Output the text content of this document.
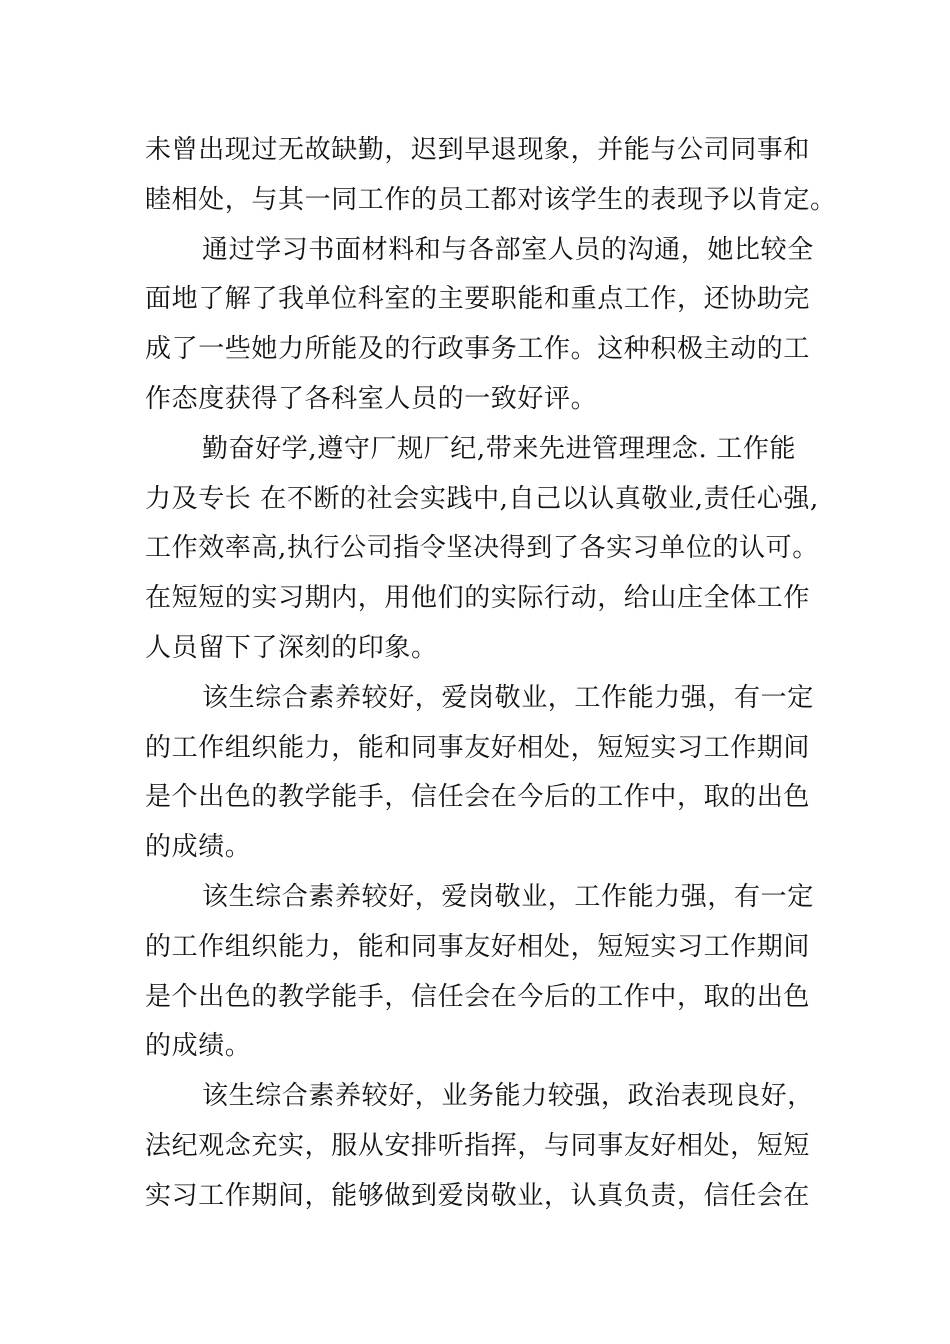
未曾出现过无故缺勤，迟到早退现象，并能与公司同事和
睦相处，与其一同工作的员工都对该学生的表现予以肯定。
通过学习书面材料和与各部室人员的沟通，她比较全
面地了解了我单位科室的主要职能和重点工作，还协助完
成了一些她力所能及的行政事务工作。这种积极主动的工
作态度获得了各科室人员的一致好评。
勤奋好学,遵守厂规厂纪,带来先进管理理念. 工作能
力及专长 在不断的社会实践中,自己以认真敬业,责任心强,
工作效率高,执行公司指令坚决得到了各实习单位的认可。
在短短的实习期内，用他们的实际行动，给山庄全体工作
人员留下了深刻的印象。
该生综合素养较好，爱岗敬业，工作能力强，有一定
的工作组织能力，能和同事友好相处，短短实习工作期间
是个出色的教学能手，信任会在今后的工作中，取的出色
的成绩。
该生综合素养较好，爱岗敬业，工作能力强，有一定
的工作组织能力，能和同事友好相处，短短实习工作期间
是个出色的教学能手，信任会在今后的工作中，取的出色
的成绩。
该生综合素养较好，业务能力较强，政治表现良好，
法纪观念充实，服从安排听指挥，与同事友好相处，短短
实习工作期间，能够做到爱岗敬业，认真负责，信任会在
